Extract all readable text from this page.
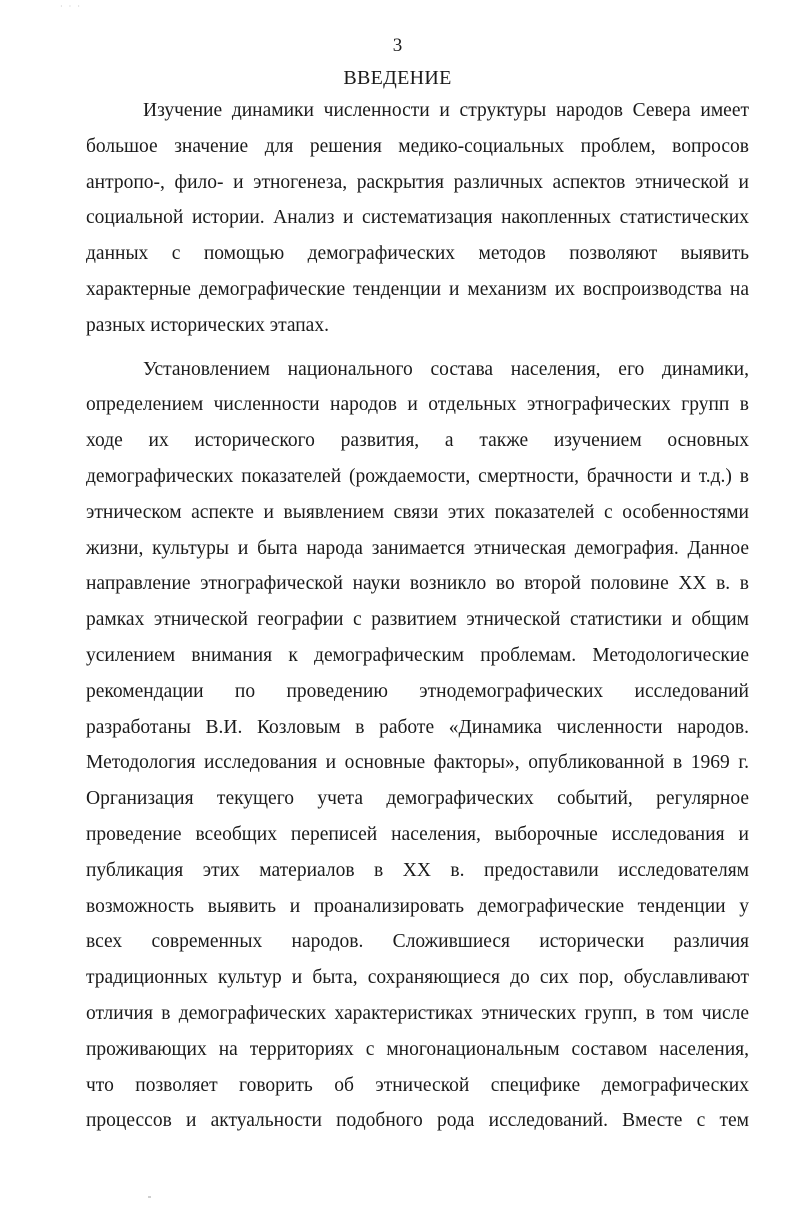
· · ·
3
ВВЕДЕНИЕ
Изучение динамики численности и структуры народов Севера имеет
большое значение для решения медико-социальных проблем, вопросов
антропо-, фило- и этногенеза, раскрытия различных аспектов этнической и
социальной истории. Анализ и систематизация накопленных статистических
данных с помощью демографических методов позволяют выявить
характерные демографические тенденции и механизм их воспроизводства на
разных исторических этапах.
Установлением национального состава населения, его динамики,
определением численности народов и отдельных этнографических групп в
ходе их исторического развития, а также изучением основных
демографических показателей (рождаемости, смертности, брачности и т.д.) в
этническом аспекте и выявлением связи этих показателей с особенностями
жизни, культуры и быта народа занимается этническая демография. Данное
направление этнографической науки возникло во второй половине XX в. в
рамках этнической географии с развитием этнической статистики и общим
усилением внимания к демографическим проблемам. Методологические
рекомендации по проведению этнодемографических исследований
разработаны В.И. Козловым в работе «Динамика численности народов.
Методология исследования и основные факторы», опубликованной в 1969 г.
Организация текущего учета демографических событий, регулярное
проведение всеобщих переписей населения, выборочные исследования и
публикация этих материалов в XX в. предоставили исследователям
возможность выявить и проанализировать демографические тенденции у
всех современных народов. Сложившиеся исторически различия
традиционных культур и быта, сохраняющиеся до сих пор, обуславливают
отличия в демографических характеристиках этнических групп, в том числе
проживающих на территориях с многонациональным составом населения,
что позволяет говорить об этнической специфике демографических
процессов и актуальности подобного рода исследований. Вместе с тем
